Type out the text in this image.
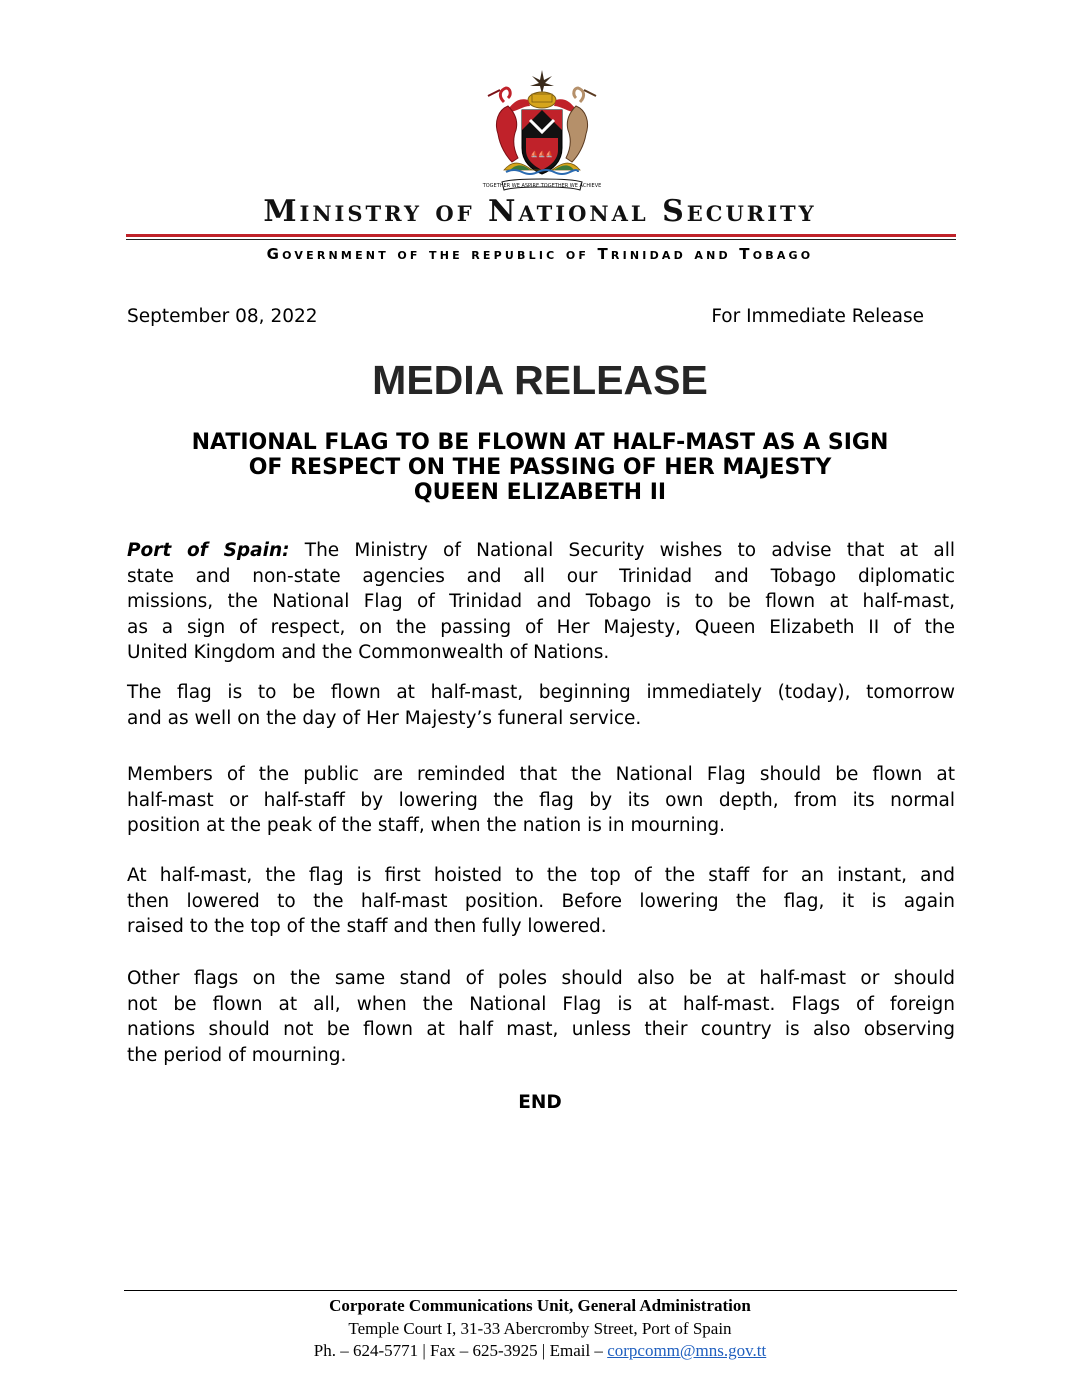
⛵⛵⛵
TOGETHER WE ASPIRE TOGETHER WE ACHIEVE
Ministry of National Security
Government of the republic of Trinidad and Tobago
September 08, 2022	For Immediate Release
MEDIA RELEASE
NATIONAL FLAG TO BE FLOWN AT HALF-MAST AS A SIGN
OF RESPECT ON THE PASSING OF HER MAJESTY
QUEEN ELIZABETH II
Port of Spain: The Ministry of National Security wishes to advise that at all
state and non-state agencies and all our Trinidad and Tobago diplomatic
missions, the National Flag of Trinidad and Tobago is to be flown at half-mast,
as a sign of respect, on the passing of Her Majesty, Queen Elizabeth II of the
United Kingdom and the Commonwealth of Nations.
The flag is to be flown at half-mast, beginning immediately (today), tomorrow
and as well on the day of Her Majesty’s funeral service.
Members of the public are reminded that the National Flag should be flown at
half-mast or half-staff by lowering the flag by its own depth, from its normal
position at the peak of the staff, when the nation is in mourning.
At half-mast, the flag is first hoisted to the top of the staff for an instant, and
then lowered to the half-mast position. Before lowering the flag, it is again
raised to the top of the staff and then fully lowered.
Other flags on the same stand of poles should also be at half-mast or should
not be flown at all, when the National Flag is at half-mast. Flags of foreign
nations should not be flown at half mast, unless their country is also observing
the period of mourning.
END
Corporate Communications Unit, General Administration
Temple Court I, 31-33 Abercromby Street, Port of Spain
Ph. – 624-5771 | Fax – 625-3925 | Email – corpcomm@mns.gov.tt
